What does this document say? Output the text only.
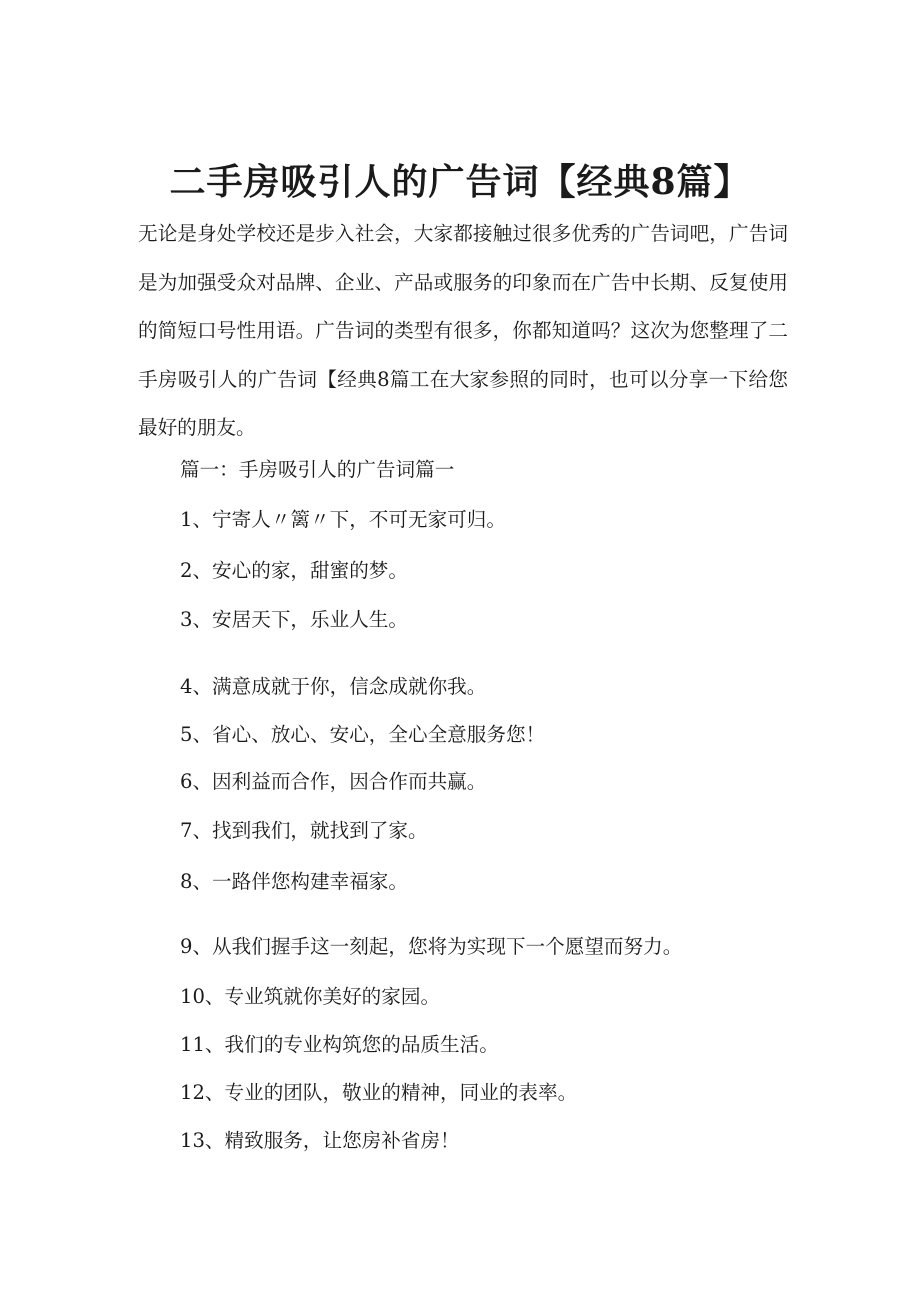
二手房吸引人的广告词【经典8篇】

无论是身处学校还是步入社会，大家都接触过很多优秀的广告词吧，广告词是为加强受众对品牌、企业、产品或服务的印象而在广告中长期、反复使用的简短口号性用语。广告词的类型有很多，你都知道吗？这次为您整理了二手房吸引人的广告词【经典8篇工在大家参照的同时，也可以分享一下给您最好的朋友。

篇一：手房吸引人的广告词篇一

1、宁寄人〃篱〃下，不可无家可归。

2、安心的家，甜蜜的梦。

3、安居天下，乐业人生。

4、满意成就于你，信念成就你我。

5、省心、放心、安心，全心全意服务您！

6、因利益而合作，因合作而共赢。

7、找到我们，就找到了家。

8、一路伴您构建幸福家。

9、从我们握手这一刻起，您将为实现下一个愿望而努力。

10、专业筑就你美好的家园。

11、我们的专业构筑您的品质生活。

12、专业的团队，敬业的精神，同业的表率。

13、精致服务，让您房补省房！
